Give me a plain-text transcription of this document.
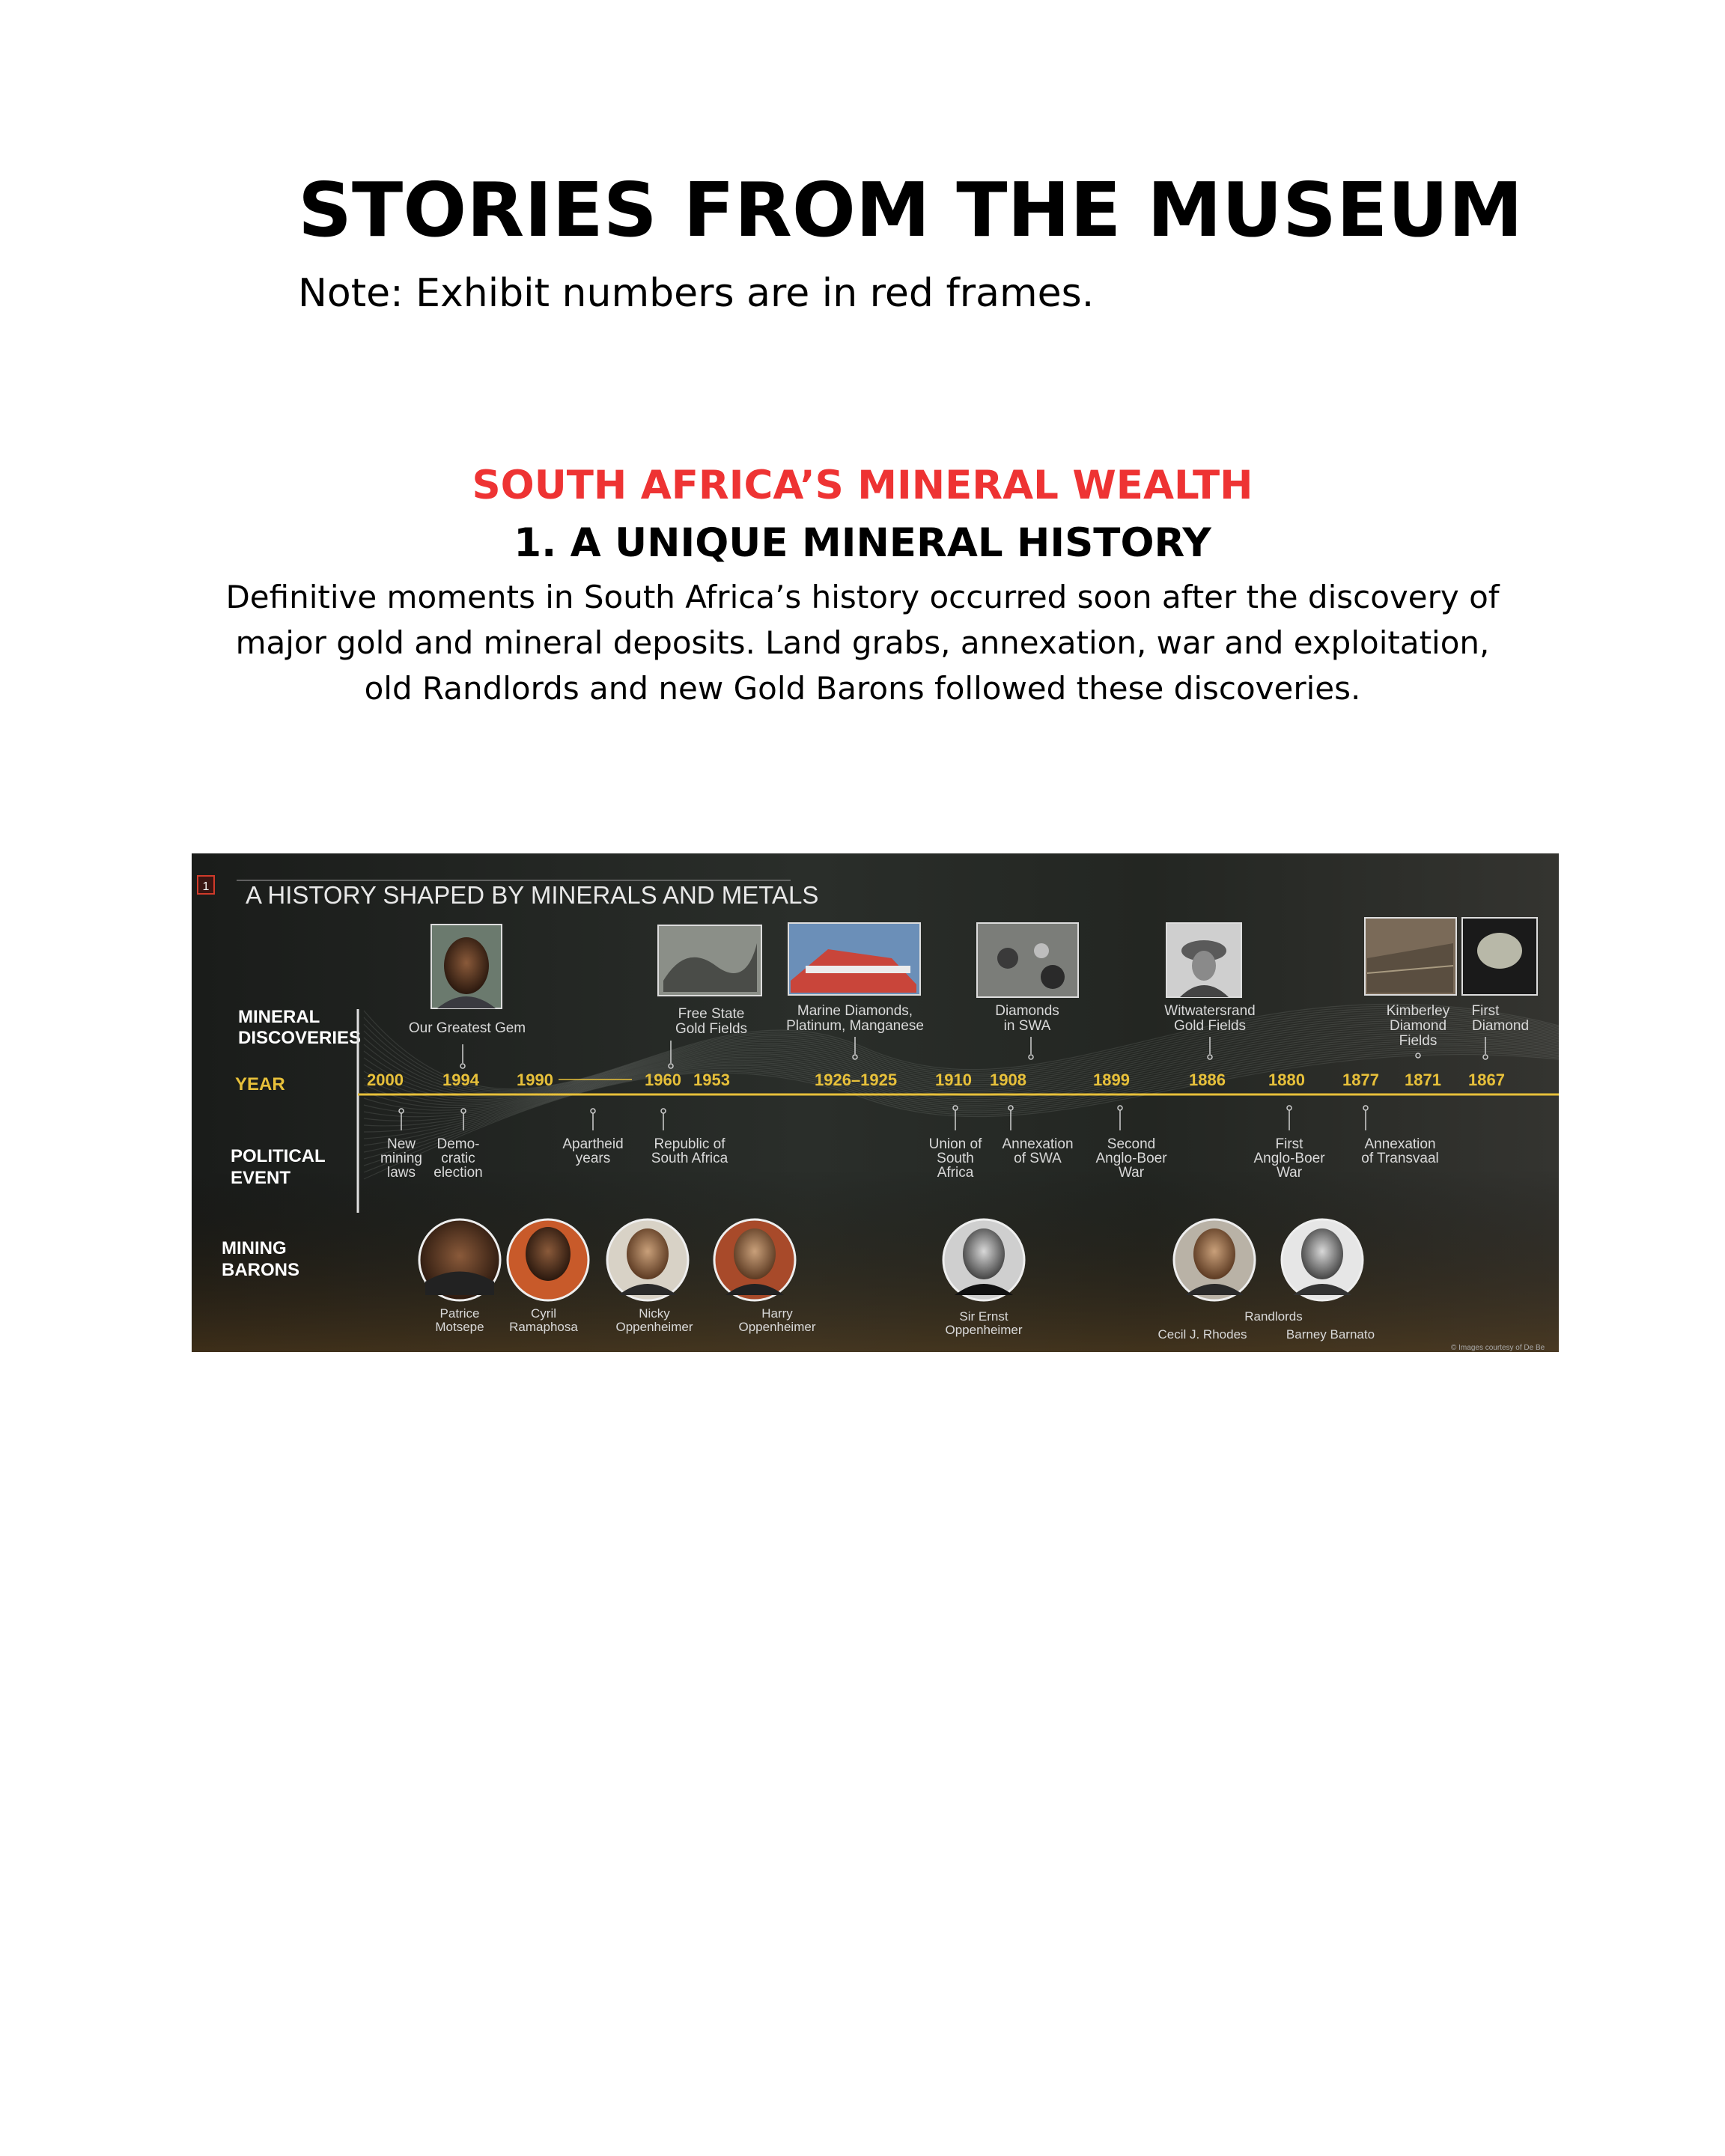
STORIES FROM THE MUSEUM
Note: Exhibit numbers are in red frames.
SOUTH AFRICA’S MINERAL WEALTH
1. A UNIQUE MINERAL HISTORY
Definitive moments in South Africa’s history occurred soon after the discovery of major gold and mineral deposits. Land grabs, annexation, war and exploitation, old Randlords and new Gold Barons followed these discoveries.
1 A HISTORY SHAPED BY MINERALS AND METALS
MINERAL
DISCOVERIES
YEAR
POLITICAL
EVENT
MINING
BARONS
2000 1994 1990	1960 1953	1926–1925 1910 1908	1899	1886	1880 1877 1871 1867
Our Greatest Gem
Free State
Gold Fields
Marine Diamonds,
Platinum, Manganese
Diamonds
in SWA
Witwatersrand
Gold Fields
Kimberley
Diamond
Fields
First
Diamond
New
mining
laws
Demo-
cratic
election
Apartheid
years
Republic of
South Africa
Union of
South
Africa
Annexation
of SWA
Second
Anglo-Boer
War
First
Anglo-Boer
War
Annexation
of Transvaal
Patrice
Motsepe
Cyril
Ramaphosa
Nicky
Oppenheimer
Harry
Oppenheimer
Sir Ernst
Oppenheimer
Randlords
Cecil J. Rhodes	Barney Barnato
© Images courtesy of De Be
